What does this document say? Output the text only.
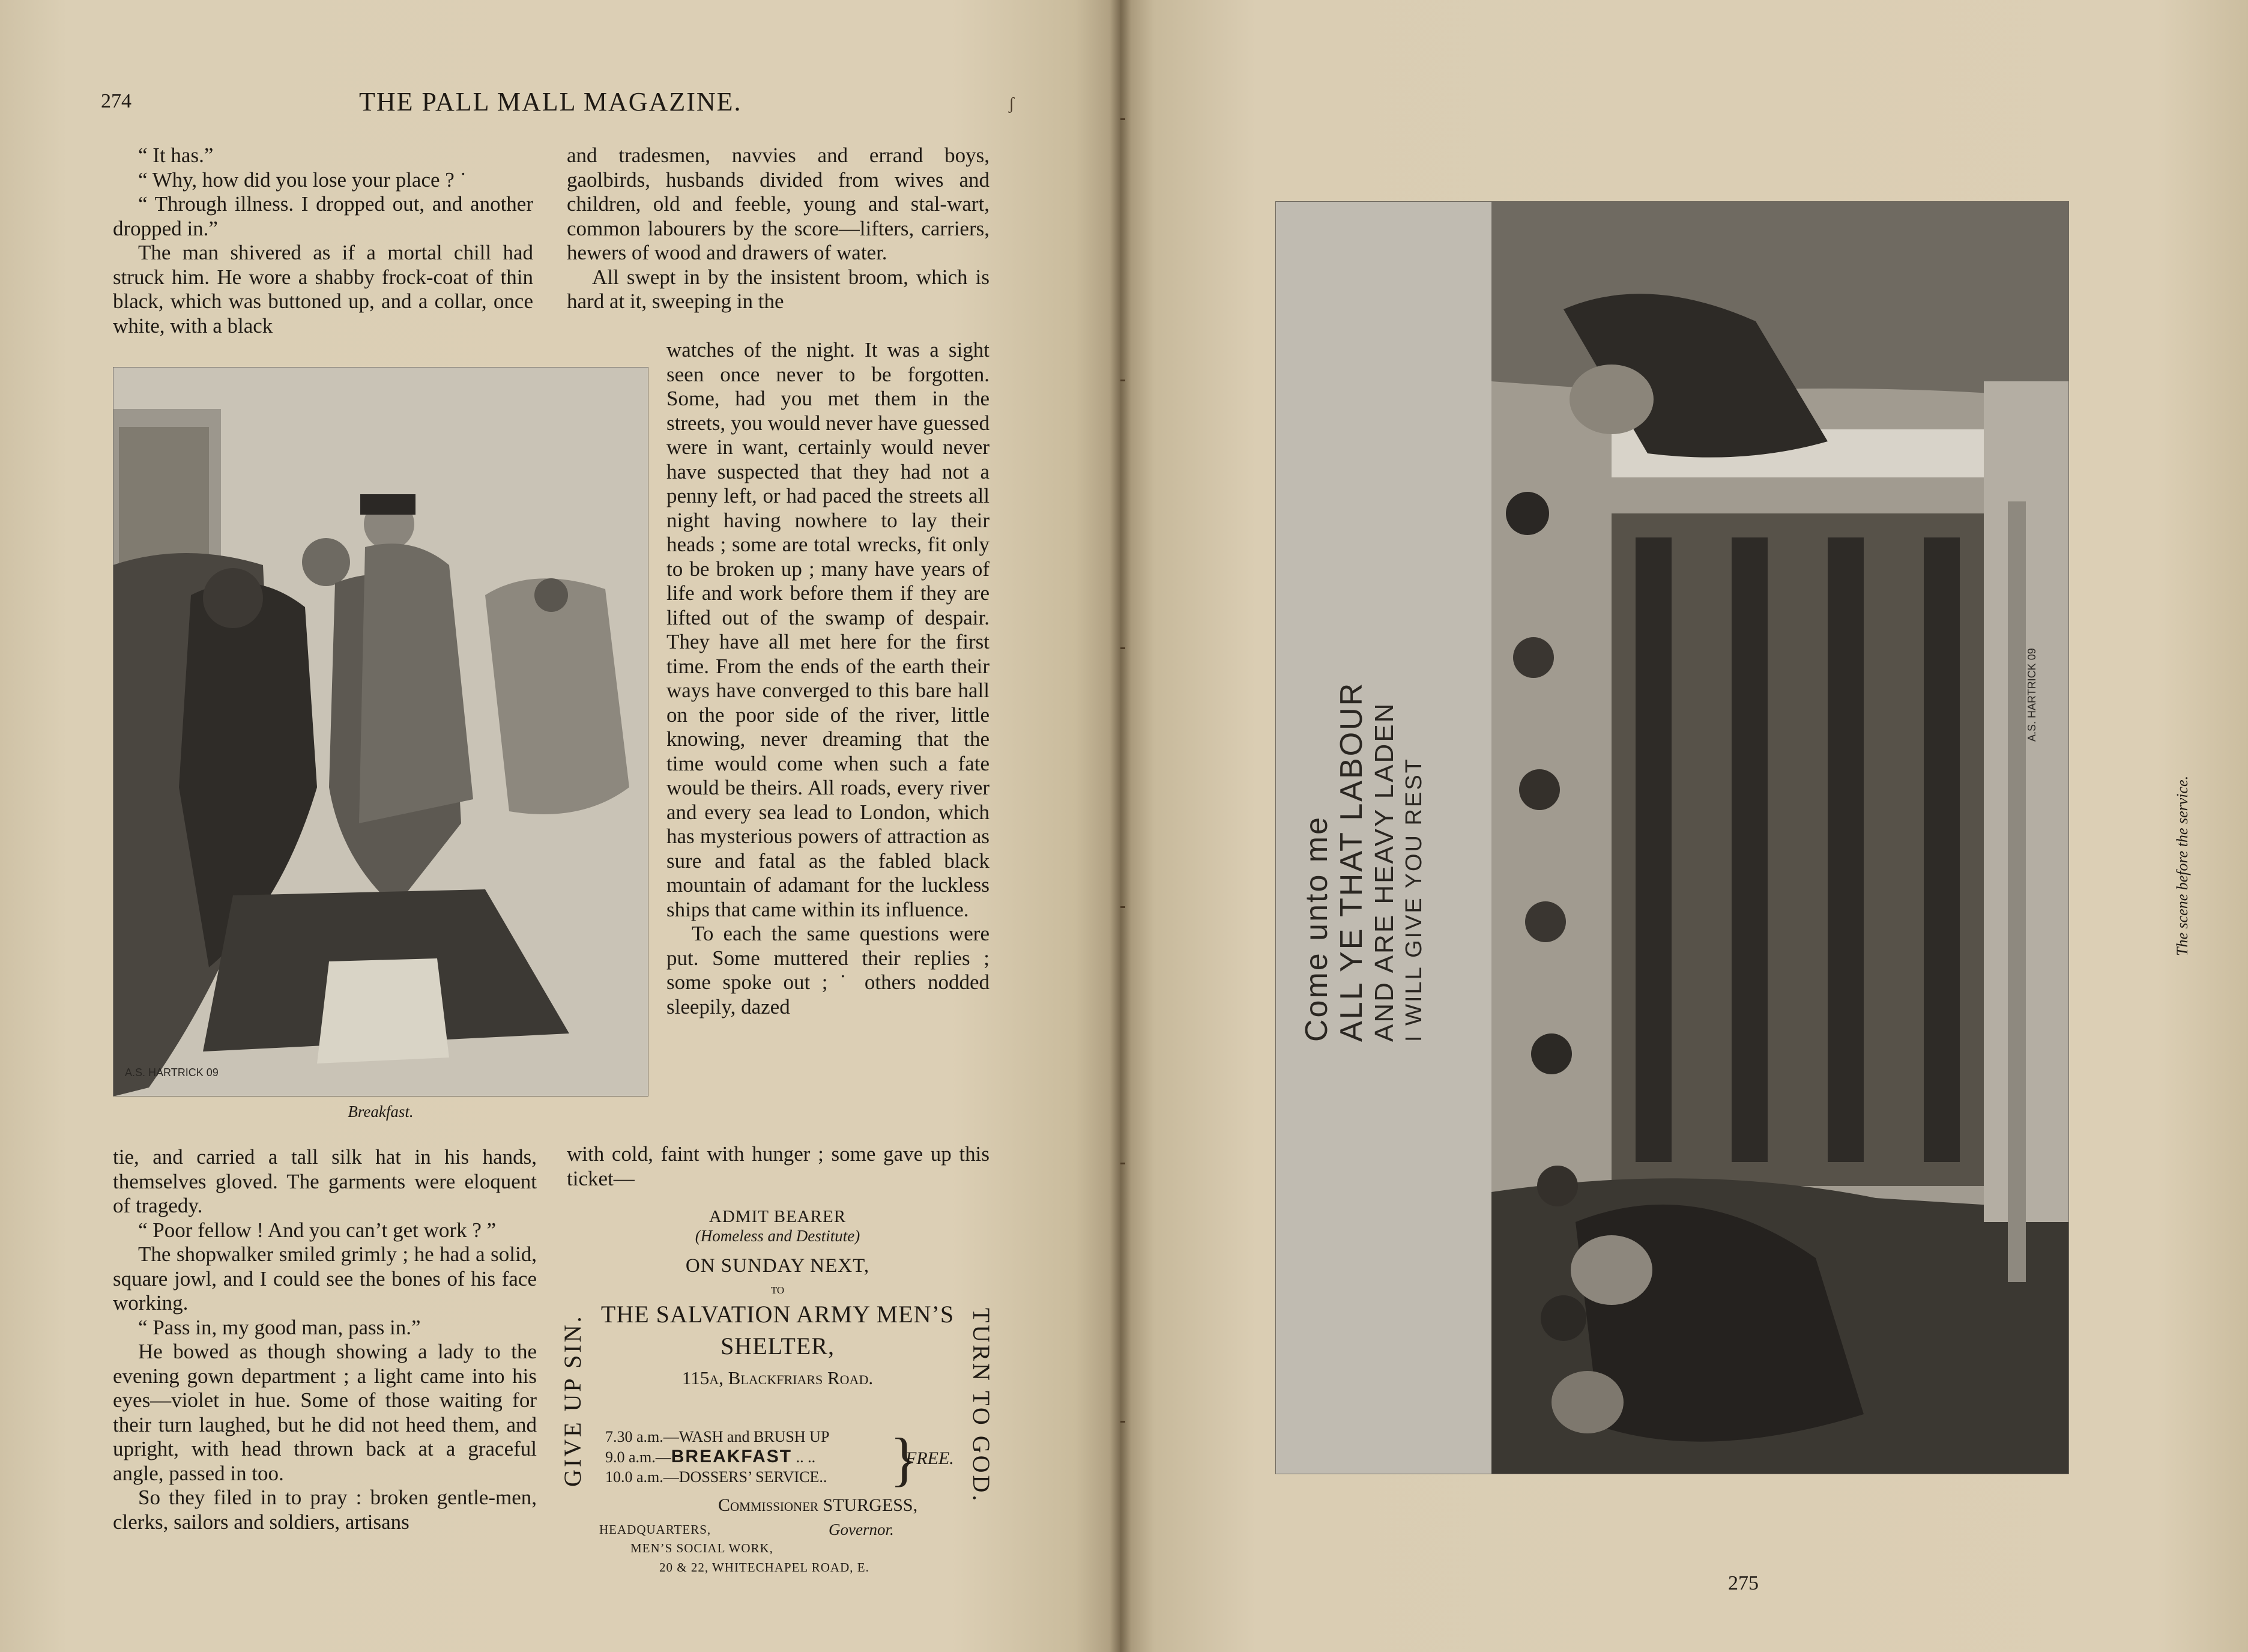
274	THE PALL MALL MAGAZINE.

“ It has.”

“ Why, how did you lose your place ? ˙

“ Through illness. I dropped out, and another dropped in.”

The man shivered as if a mortal chill had struck him. He wore a shabby frock-coat of thin black, which was buttoned up, and a collar, once white, with a black

A.S. HARTRICK 09
Breakfast.

tie, and carried a tall silk hat in his hands, themselves gloved. The garments were eloquent of tragedy.

“ Poor fellow ! And you can’t get work ? ”

The shopwalker smiled grimly ; he had a solid, square jowl, and I could see the bones of his face working.

“ Pass in, my good man, pass in.”

He bowed as though showing a lady to the evening gown department ; a light came into his eyes—violet in hue. Some of those waiting for their turn laughed, but he did not heed them, and upright, with head thrown back at a graceful angle, passed in too.

So they filed in to pray : broken gentle-men, clerks, sailors and soldiers, artisans

and tradesmen, navvies and errand boys, gaolbirds, husbands divided from wives and children, old and feeble, young and stal-wart, common labourers by the score—lifters, carriers, hewers of wood and drawers of water.

All swept in by the insistent broom, which is hard at it, sweeping in the

watches of the night. It was a sight seen once never to be forgotten. Some, had you met them in the streets, you would never have guessed were in want, certainly would never have suspected that they had not a penny left, or had paced the streets all night having nowhere to lay their heads ; some are total wrecks, fit only to be broken up ; many have years of life and work before them if they are lifted out of the swamp of despair. They have all met here for the first time. From the ends of the earth their ways have converged to this bare hall on the poor side of the river, little knowing, never dreaming that the time would come when such a fate would be theirs. All roads, every river and every sea lead to London, which has mysterious powers of attraction as sure and fatal as the fabled black mountain of adamant for the luckless ships that came within its influence.

To each the same questions were put. Some muttered their replies ; some spoke out ; ˙ others nodded sleepily, dazed

with cold, faint with hunger ; some gave up this ticket—

ADMIT BEARER
(Homeless and Destitute)
ON SUNDAY NEXT,
TO
THE SALVATION ARMY MEN’S
SHELTER,
115a, Blackfriars Road.
7.30 a.m.—WASH and BRUSH UP
9.0 a.m.—BREAKFAST .. ..
10.0 a.m.—DOSSERS’ SERVICE..	}
FREE.
GIVE UP SIN.	TURN TO GOD.
Commissioner STURGESS,
HEADQUARTERS,	Governor.
MEN’S SOCIAL WORK,
20 & 22, WHITECHAPEL ROAD, E.
ʃ
Come unto me ALL YE THAT LABOUR AND ARE HEAVY LADEN I WILL GIVE YOU REST
A.S. HARTRICK 09
The scene before the service.
275
